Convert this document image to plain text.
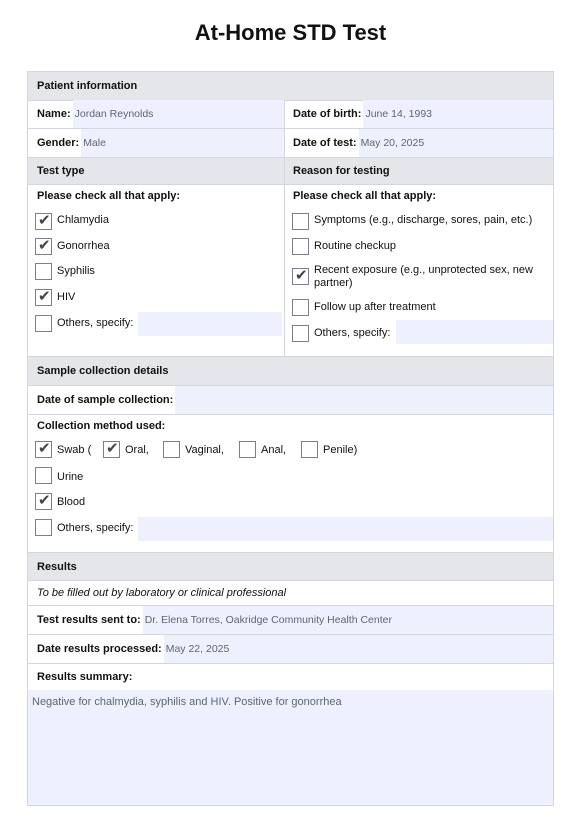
At-Home STD Test
Patient information
Name: Jordan Reynolds	Date of birth: June 14, 1993
Gender: Male	Date of test: May 20, 2025
Test type	Reason for testing
Please check all that apply:
✔ Chlamydia
✔ Gonorrhea
Syphilis
✔ HIV
Others, specify:
Please check all that apply:
Symptoms (e.g., discharge, sores, pain, etc.)
Routine checkup
✔ Recent exposure (e.g., unprotected sex, new partner)
Follow up after treatment
Others, specify:
Sample collection details
Date of sample collection:
Collection method used:
✔ Swab ( ✔ Oral,	Vaginal,	Anal,	Penile)
Urine
✔ Blood
Others, specify:
Results
To be filled out by laboratory or clinical professional
Test results sent to: Dr. Elena Torres, Oakridge Community Health Center
Date results processed: May 22, 2025
Results summary:
Negative for chalmydia, syphilis and HIV. Positive for gonorrhea
